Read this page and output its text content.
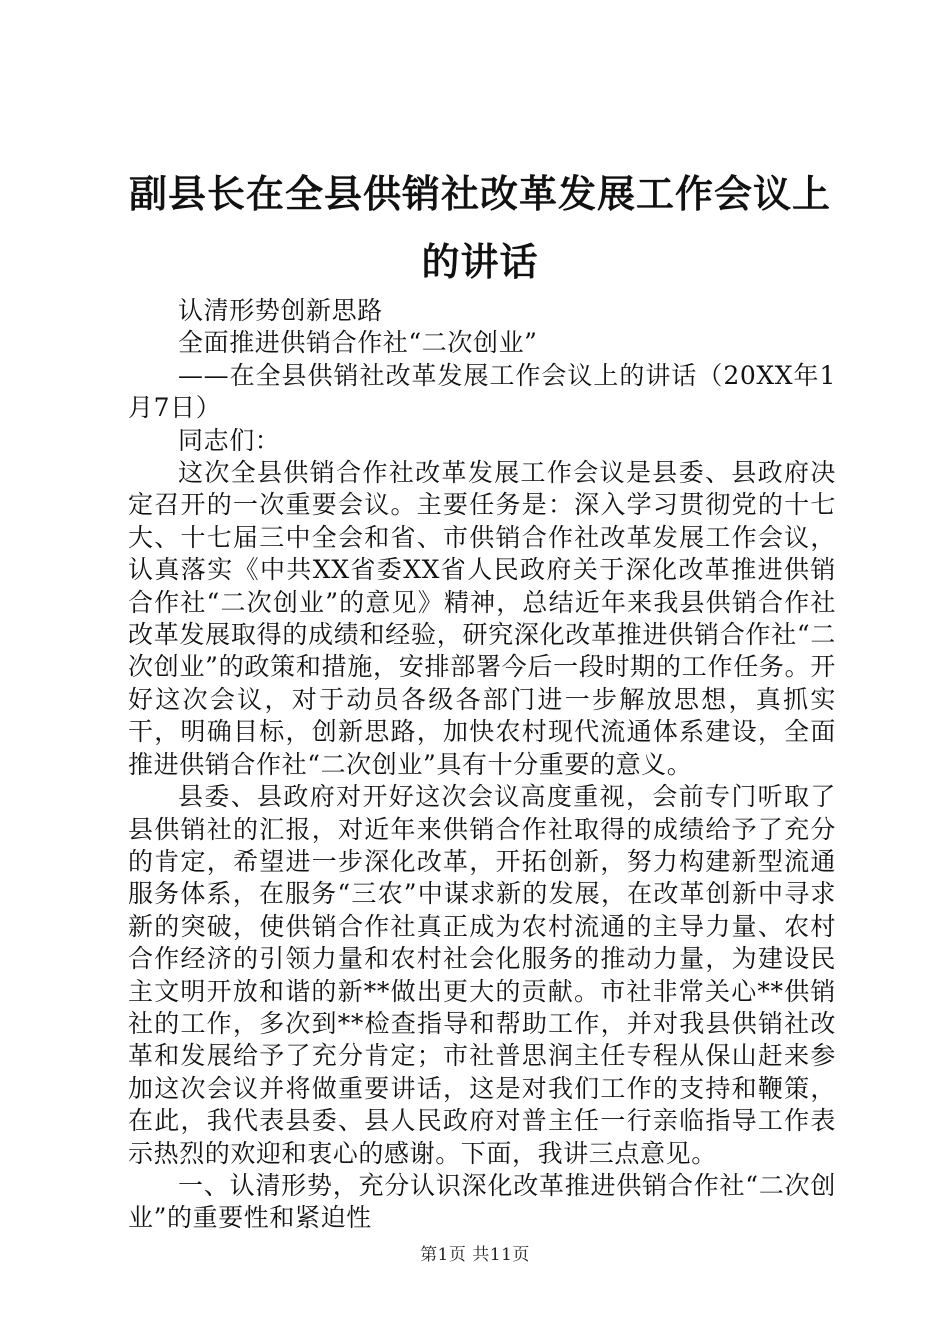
副县长在全县供销社改革发展工作会议上的讲话

认清形势创新思路

全面推进供销合作社“二次创业”

——在全县供销社改革发展工作会议上的讲话（20XX年1月7日）

同志们：

这次全县供销合作社改革发展工作会议是县委、县政府决定召开的一次重要会议。主要任务是：深入学习贯彻党的十七大、十七届三中全会和省、市供销合作社改革发展工作会议，认真落实《中共XX省委XX省人民政府关于深化改革推进供销合作社“二次创业”的意见》精神，总结近年来我县供销合作社改革发展取得的成绩和经验，研究深化改革推进供销合作社“二次创业”的政策和措施，安排部署今后一段时期的工作任务。开好这次会议，对于动员各级各部门进一步解放思想，真抓实干，明确目标，创新思路，加快农村现代流通体系建设，全面推进供销合作社“二次创业”具有十分重要的意义。

县委、县政府对开好这次会议高度重视，会前专门听取了县供销社的汇报，对近年来供销合作社取得的成绩给予了充分的肯定，希望进一步深化改革，开拓创新，努力构建新型流通服务体系，在服务“三农”中谋求新的发展，在改革创新中寻求新的突破，使供销合作社真正成为农村流通的主导力量、农村合作经济的引领力量和农村社会化服务的推动力量，为建设民主文明开放和谐的新**做出更大的贡献。市社非常关心**供销社的工作，多次到**检查指导和帮助工作，并对我县供销社改革和发展给予了充分肯定；市社普思润主任专程从保山赶来参加这次会议并将做重要讲话，这是对我们工作的支持和鞭策，在此，我代表县委、县人民政府对普主任一行亲临指导工作表示热烈的欢迎和衷心的感谢。下面，我讲三点意见。

一、认清形势，充分认识深化改革推进供销合作社“二次创业”的重要性和紧迫性

第1页 共11页
